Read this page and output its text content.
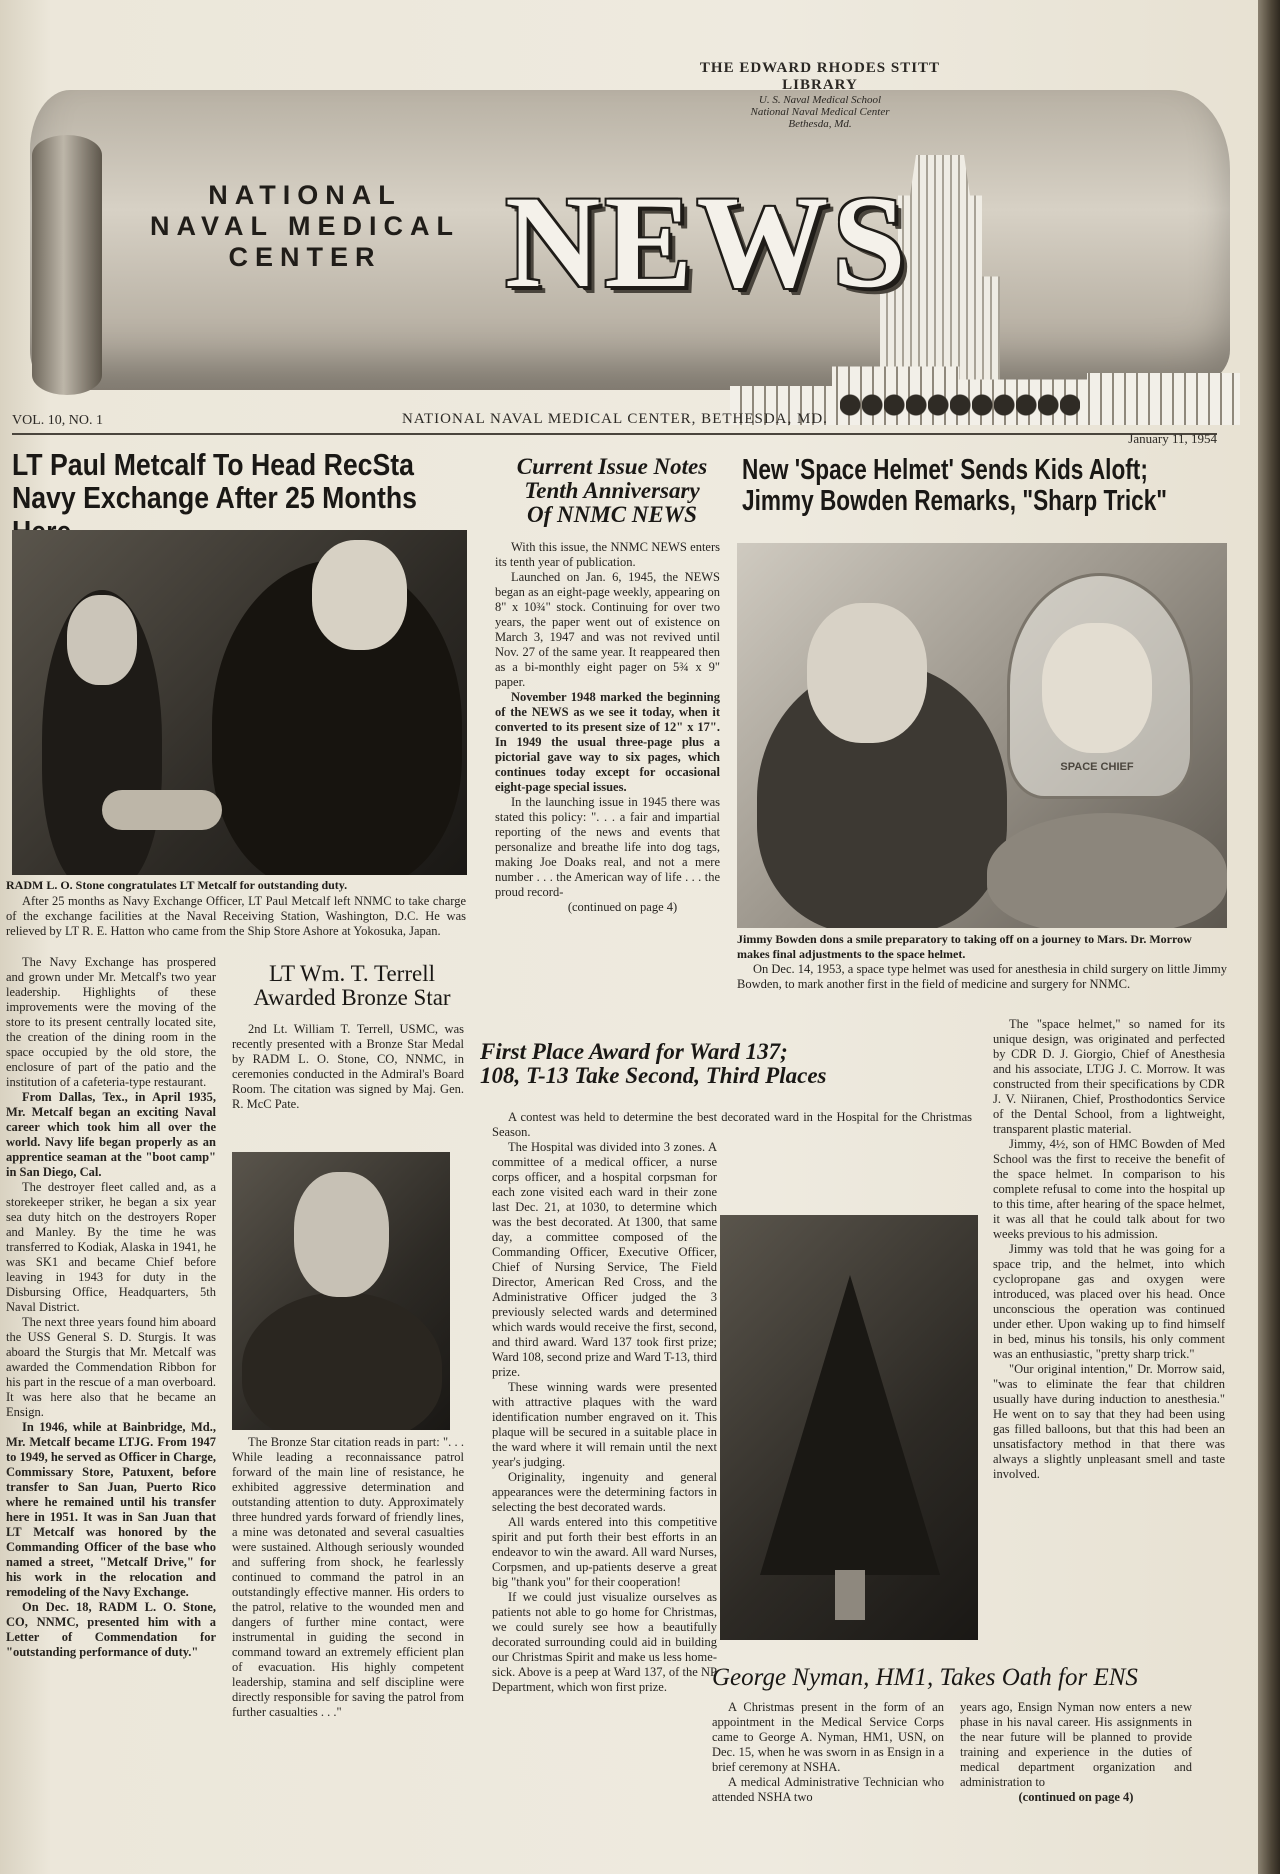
THE EDWARD RHODES STITT LIBRARY
U. S. Naval Medical School
National Naval Medical Center
Bethesda, Md.
NATIONAL
NAVAL MEDICAL
CENTER NEWS
VOL. 10, NO. 1	NATIONAL NAVAL MEDICAL CENTER, BETHESDA, MD.
January 11, 1954
LT Paul Metcalf To Head RecSta
Navy Exchange After 25 Months
RADM L. O. Stone congratulates LT Metcalf for outstanding duty.

After 25 months as Navy Exchange Officer, LT Paul Metcalf left NNMC to take charge of the exchange facilities at the Naval Receiving Station, Washington, D.C. He was relieved by LT R. E. Hatton who came from the Ship Store Ashore at Yokosuka, Japan.

The Navy Exchange has prospered and grown under Mr. Metcalf's two year leadership. Highlights of these improvements were the moving of the store to its present centrally located site, the creation of the dining room in the space occupied by the old store, the enclosure of part of the patio and the institution of a cafeteria-type restaurant.

From Dallas, Tex., in April 1935, Mr. Metcalf began an exciting Naval career which took him all over the world. Navy life began properly as an apprentice seaman at the "boot camp" in San Diego, Cal.

The destroyer fleet called and, as a storekeeper striker, he began a six year sea duty hitch on the destroyers Roper and Manley. By the time he was transferred to Kodiak, Alaska in 1941, he was SK1 and became Chief before leaving in 1943 for duty in the Disbursing Office, Headquarters, 5th Naval District.

The next three years found him aboard the USS General S. D. Sturgis. It was aboard the Sturgis that Mr. Metcalf was awarded the Commendation Ribbon for his part in the rescue of a man overboard. It was here also that he became an Ensign.

In 1946, while at Bainbridge, Md., Mr. Metcalf became LTJG. From 1947 to 1949, he served as Officer in Charge, Commissary Store, Patuxent, before transfer to San Juan, Puerto Rico where he remained until his transfer here in 1951. It was in San Juan that LT Metcalf was honored by the Commanding Officer of the base who named a street, "Metcalf Drive," for his work in the relocation and remodeling of the Navy Exchange.

On Dec. 18, RADM L. O. Stone, CO, NNMC, presented him with a Letter of Commendation for "outstanding performance of duty."

LT Wm. T. Terrell
Awarded Bronze Star

2nd Lt. William T. Terrell, USMC, was recently presented with a Bronze Star Medal by RADM L. O. Stone, CO, NNMC, in ceremonies conducted in the Admiral's Board Room. The citation was signed by Maj. Gen. R. McC Pate.

The Bronze Star citation reads in part: ". . . While leading a reconnaissance patrol forward of the main line of resistance, he exhibited aggressive determination and outstanding attention to duty. Approximately three hundred yards forward of friendly lines, a mine was detonated and several casualties were sustained. Although seriously wounded and suffering from shock, he fearlessly continued to command the patrol in an outstandingly effective manner. His orders to the patrol, relative to the wounded men and dangers of further mine contact, were instrumental in guiding the second in command toward an extremely efficient plan of evacuation. His highly competent leadership, stamina and self discipline were directly responsible for saving the patrol from further casualties . . ."

Current Issue Notes
Tenth Anniversary
Of NNMC NEWS

With this issue, the NNMC NEWS enters its tenth year of publication.

Launched on Jan. 6, 1945, the NEWS began as an eight-page weekly, appearing on 8" x 10¾" stock. Continuing for over two years, the paper went out of existence on March 3, 1947 and was not revived until Nov. 27 of the same year. It reappeared then as a bi-monthly eight pager on 5¾ x 9" paper.

November 1948 marked the beginning of the NEWS as we see it today, when it converted to its present size of 12" x 17". In 1949 the usual three-page plus a pictorial gave way to six pages, which continues today except for occasional eight-page special issues.

In the launching issue in 1945 there was stated this policy: ". . . a fair and impartial reporting of the news and events that personalize and breathe life into dog tags, making Joe Doaks real, and not a mere number . . . the American way of life . . . the proud record-

(continued on page 4)
New 'Space Helmet' Sends Kids Aloft;
Jimmy Bowden Remarks, "Sharp Trick"
SPACE CHIEF
Jimmy Bowden dons a smile preparatory to taking off on a journey to Mars. Dr. Morrow makes final adjustments to the space helmet.

On Dec. 14, 1953, a space type helmet was used for anesthesia in child surgery on little Jimmy Bowden, to mark another first in the field of medicine and surgery for NNMC.

The "space helmet," so named for its unique design, was originated and perfected by CDR D. J. Giorgio, Chief of Anesthesia and his associate, LTJG J. C. Morrow. It was constructed from their specifications by CDR J. V. Niiranen, Chief, Prosthodontics Service of the Dental School, from a lightweight, transparent plastic material.

Jimmy, 4½, son of HMC Bowden of Med School was the first to receive the benefit of the space helmet. In comparison to his complete refusal to come into the hospital up to this time, after hearing of the space helmet, it was all that he could talk about for two weeks previous to his admission.

Jimmy was told that he was going for a space trip, and the helmet, into which cyclopropane gas and oxygen were introduced, was placed over his head. Once unconscious the operation was continued under ether. Upon waking up to find himself in bed, minus his tonsils, his only comment was an enthusiastic, "pretty sharp trick."

"Our original intention," Dr. Morrow said, "was to eliminate the fear that children usually have during induction to anesthesia." He went on to say that they had been using gas filled balloons, but that this had been an unsatisfactory method in that there was always a slightly unpleasant smell and taste involved.

First Place Award for Ward 137;
108, T-13 Take Second, Third Places

A contest was held to determine the best decorated ward in the Hospital for the Christmas Season.

The Hospital was divided into 3 zones. A committee of a medical officer, a nurse corps officer, and a hospital corpsman for each zone visited each ward in their zone last Dec. 21, at 1030, to determine which was the best decorated. At 1300, that same day, a committee composed of the Commanding Officer, Executive Officer, Chief of Nursing Service, The Field Director, American Red Cross, and the Administrative Officer judged the 3 previously selected wards and determined which wards would receive the first, second, and third award. Ward 137 took first prize; Ward 108, second prize and Ward T-13, third prize.

These winning wards were presented with attractive plaques with the ward identification number engraved on it. This plaque will be secured in a suitable place in the ward where it will remain until the next year's judging.

Originality, ingenuity and general appearances were the determining factors in selecting the best decorated wards.

All wards entered into this competitive spirit and put forth their best efforts in an endeavor to win the award. All ward Nurses, Corpsmen, and up-patients deserve a great big "thank you" for their cooperation!

If we could just visualize ourselves as patients not able to go home for Christmas, we could surely see how a beautifully decorated surrounding could aid in building our Christmas Spirit and make us less home-sick. Above is a peep at Ward 137, of the NP Department, which won first prize.	George Nyman, HM1, Takes Oath for ENS

A Christmas present in the form of an appointment in the Medical Service Corps came to George A. Nyman, HM1, USN, on Dec. 15, when he was sworn in as Ensign in a brief ceremony at NSHA.

A medical Administrative Technician who attended NSHA two

years ago, Ensign Nyman now enters a new phase in his naval career. His assignments in the near future will be planned to provide training and experience in the duties of medical department organization and administration to

(continued on page 4)
